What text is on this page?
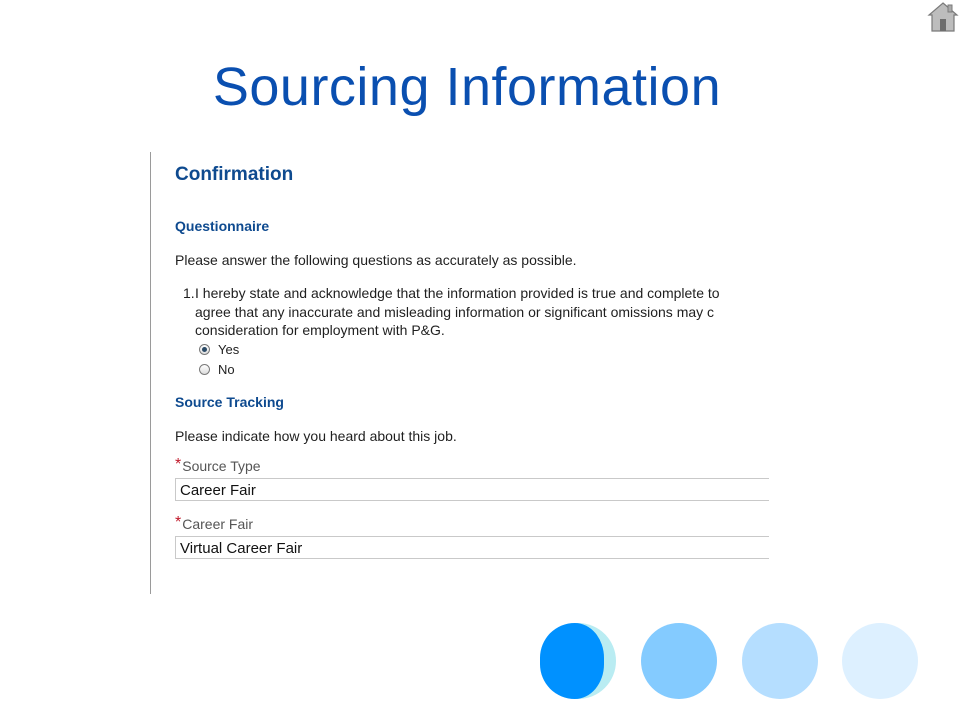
Sourcing Information
Confirmation
Questionnaire
Please answer the following questions as accurately as possible.
1. I hereby state and acknowledge that the information provided is true and complete to
agree that any inaccurate and misleading information or significant omissions may c
consideration for employment with P&G.
Yes
No
Source Tracking
Please indicate how you heard about this job.
*Source Type
Career Fair
*Career Fair
Virtual Career Fair
